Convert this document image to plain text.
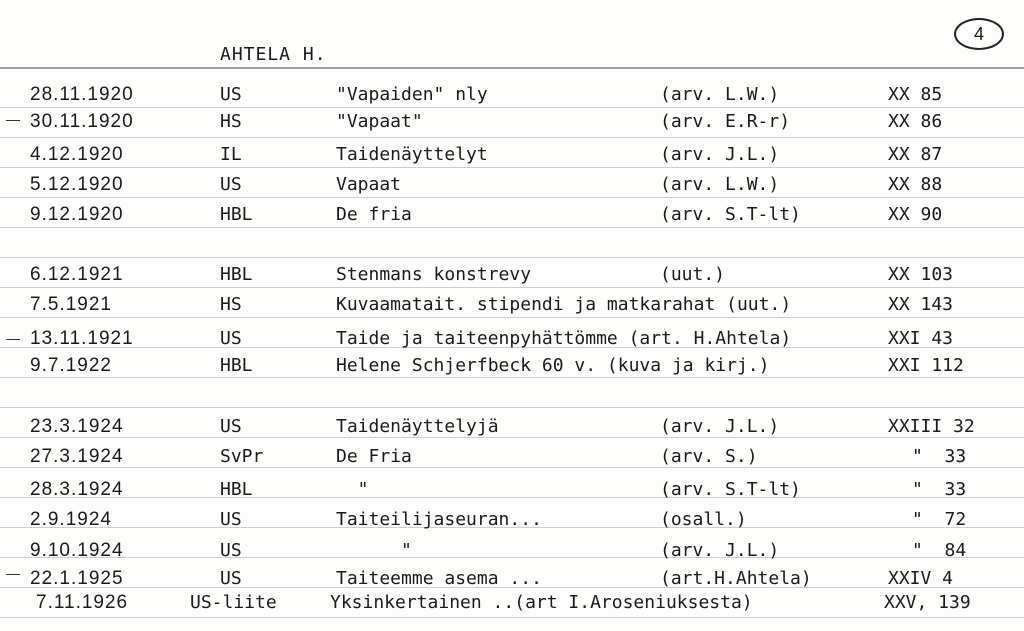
4
AHTELA H.
28.11.1920	US	"Vapaiden" nly	(arv. L.W.)	XX 85
30.11.1920	HS	"Vapaat"	(arv. E.R-r)	XX 86
4.12.1920	IL	Taidenäyttelyt	(arv. J.L.)	XX 87
5.12.1920	US	Vapaat	(arv. L.W.)	XX 88
9.12.1920	HBL	De fria	(arv. S.T-lt)	XX 90
6.12.1921	HBL	Stenmans konstrevy	(uut.)	XX 103
7.5.1921	HS	Kuvaamatait. stipendi ja matkarahat (uut.)	XX 143
13.11.1921	US	Taide ja taiteenpyhättömme (art. H.Ahtela)	XXI 43
9.7.1922	HBL	Helene Schjerfbeck 60 v. (kuva ja kirj.)	XXI 112
23.3.1924	US	Taidenäyttelyjä	(arv. J.L.)	XXIII 32
27.3.1924	SvPr	De Fria	(arv. S.)	"  33
28.3.1924	HBL	"	(arv. S.T-lt)	"  33
2.9.1924	US	Taiteilijaseuran...	(osall.)	"  72
9.10.1924	US	"	(arv. J.L.)	"  84
22.1.1925	US	Taiteemme asema ...	(art.H.Ahtela)	XXIV 4
7.11.1926	US-liite	Yksinkertainen ..(art I.Aroseniuksesta)	XXV, 139
